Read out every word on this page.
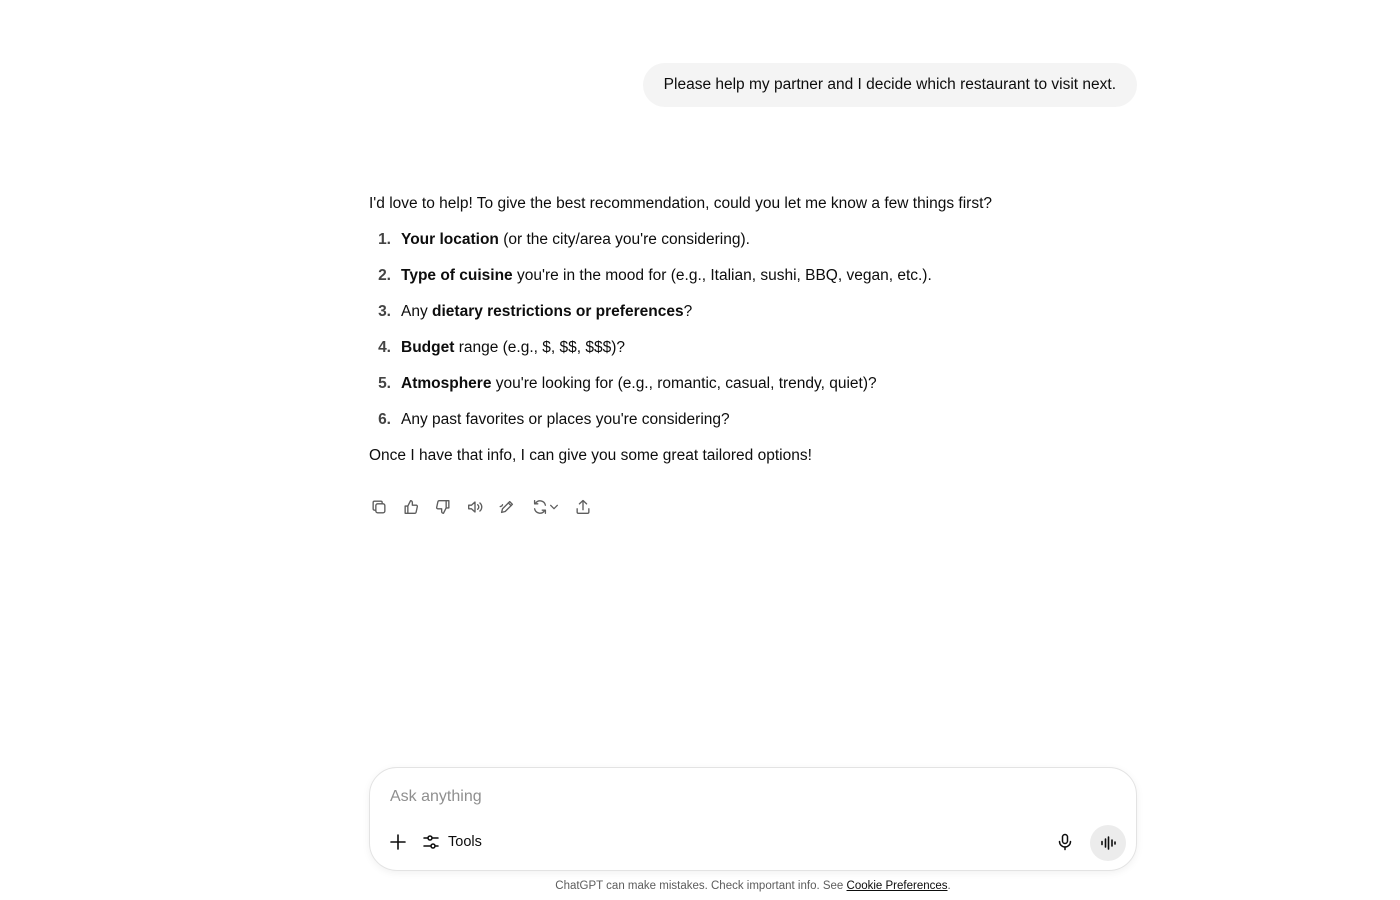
Please help my partner and I decide which restaurant to visit next.

I'd love to help! To give the best recommendation, could you let me know a few things first?

1. Your location (or the city/area you're considering).
2. Type of cuisine you're in the mood for (e.g., Italian, sushi, BBQ, vegan, etc.).
3. Any dietary restrictions or preferences?
4. Budget range (e.g., $, $$, $$$)?
5. Atmosphere you're looking for (e.g., romantic, casual, trendy, quiet)?
6. Any past favorites or places you're considering?

Once I have that info, I can give you some great tailored options!

Ask anything
Tools
ChatGPT can make mistakes. Check important info. See Cookie Preferences.
